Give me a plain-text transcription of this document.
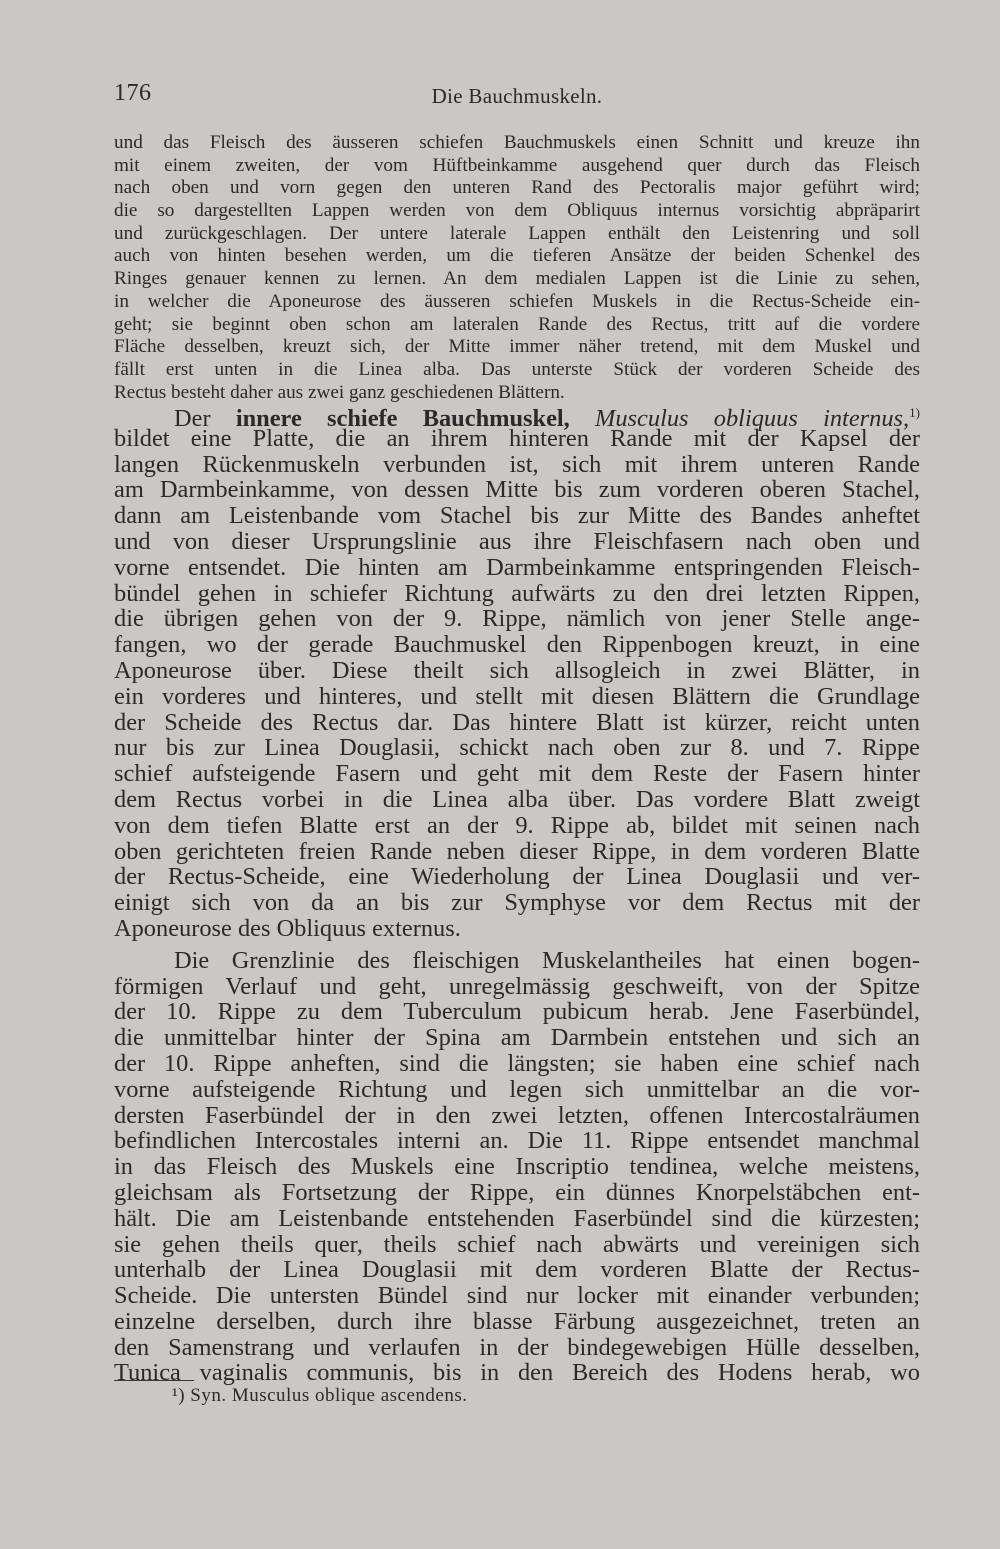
176	Die Bauchmuskeln.
und das Fleisch des äusseren schiefen Bauchmuskels einen Schnitt und kreuze ihn
mit einem zweiten, der vom Hüftbeinkamme ausgehend quer durch das Fleisch
nach oben und vorn gegen den unteren Rand des Pectoralis major geführt wird;
die so dargestellten Lappen werden von dem Obliquus internus vorsichtig abpräparirt
und zurückgeschlagen. Der untere laterale Lappen enthält den Leistenring und soll
auch von hinten besehen werden, um die tieferen Ansätze der beiden Schenkel des
Ringes genauer kennen zu lernen. An dem medialen Lappen ist die Linie zu sehen,
in welcher die Aponeurose des äusseren schiefen Muskels in die Rectus-Scheide ein-
geht; sie beginnt oben schon am lateralen Rande des Rectus, tritt auf die vordere
Fläche desselben, kreuzt sich, der Mitte immer näher tretend, mit dem Muskel und
fällt erst unten in die Linea alba. Das unterste Stück der vorderen Scheide des
Rectus besteht daher aus zwei ganz geschiedenen Blättern.
Der innere schiefe Bauchmuskel, Musculus obliquus internus,$^{1)}$
bildet eine Platte, die an ihrem hinteren Rande mit der Kapsel der
langen Rückenmuskeln verbunden ist, sich mit ihrem unteren Rande
am Darmbeinkamme, von dessen Mitte bis zum vorderen oberen Stachel,
dann am Leistenbande vom Stachel bis zur Mitte des Bandes anheftet
und von dieser Ursprungslinie aus ihre Fleischfasern nach oben und
vorne entsendet. Die hinten am Darmbeinkamme entspringenden Fleisch-
bündel gehen in schiefer Richtung aufwärts zu den drei letzten Rippen,
die übrigen gehen von der 9. Rippe, nämlich von jener Stelle ange-
fangen, wo der gerade Bauchmuskel den Rippenbogen kreuzt, in eine
Aponeurose über. Diese theilt sich allsogleich in zwei Blätter, in
ein vorderes und hinteres, und stellt mit diesen Blättern die Grundlage
der Scheide des Rectus dar. Das hintere Blatt ist kürzer, reicht unten
nur bis zur Linea Douglasii, schickt nach oben zur 8. und 7. Rippe
schief aufsteigende Fasern und geht mit dem Reste der Fasern hinter
dem Rectus vorbei in die Linea alba über. Das vordere Blatt zweigt
von dem tiefen Blatte erst an der 9. Rippe ab, bildet mit seinen nach
oben gerichteten freien Rande neben dieser Rippe, in dem vorderen Blatte
der Rectus-Scheide, eine Wiederholung der Linea Douglasii und ver-
einigt sich von da an bis zur Symphyse vor dem Rectus mit der
Aponeurose des Obliquus externus.
Die Grenzlinie des fleischigen Muskelantheiles hat einen bogen-
förmigen Verlauf und geht, unregelmässig geschweift, von der Spitze
der 10. Rippe zu dem Tuberculum pubicum herab. Jene Faserbündel,
die unmittelbar hinter der Spina am Darmbein entstehen und sich an
der 10. Rippe anheften, sind die längsten; sie haben eine schief nach
vorne aufsteigende Richtung und legen sich unmittelbar an die vor-
dersten Faserbündel der in den zwei letzten, offenen Intercostalräumen
befindlichen Intercostales interni an. Die 11. Rippe entsendet manchmal
in das Fleisch des Muskels eine Inscriptio tendinea, welche meistens,
gleichsam als Fortsetzung der Rippe, ein dünnes Knorpelstäbchen ent-
hält. Die am Leistenbande entstehenden Faserbündel sind die kürzesten;
sie gehen theils quer, theils schief nach abwärts und vereinigen sich
unterhalb der Linea Douglasii mit dem vorderen Blatte der Rectus-
Scheide. Die untersten Bündel sind nur locker mit einander verbunden;
einzelne derselben, durch ihre blasse Färbung ausgezeichnet, treten an
den Samenstrang und verlaufen in der bindegewebigen Hülle desselben,
Tunica vaginalis communis, bis in den Bereich des Hodens herab, wo
¹) Syn. Musculus oblique ascendens.
